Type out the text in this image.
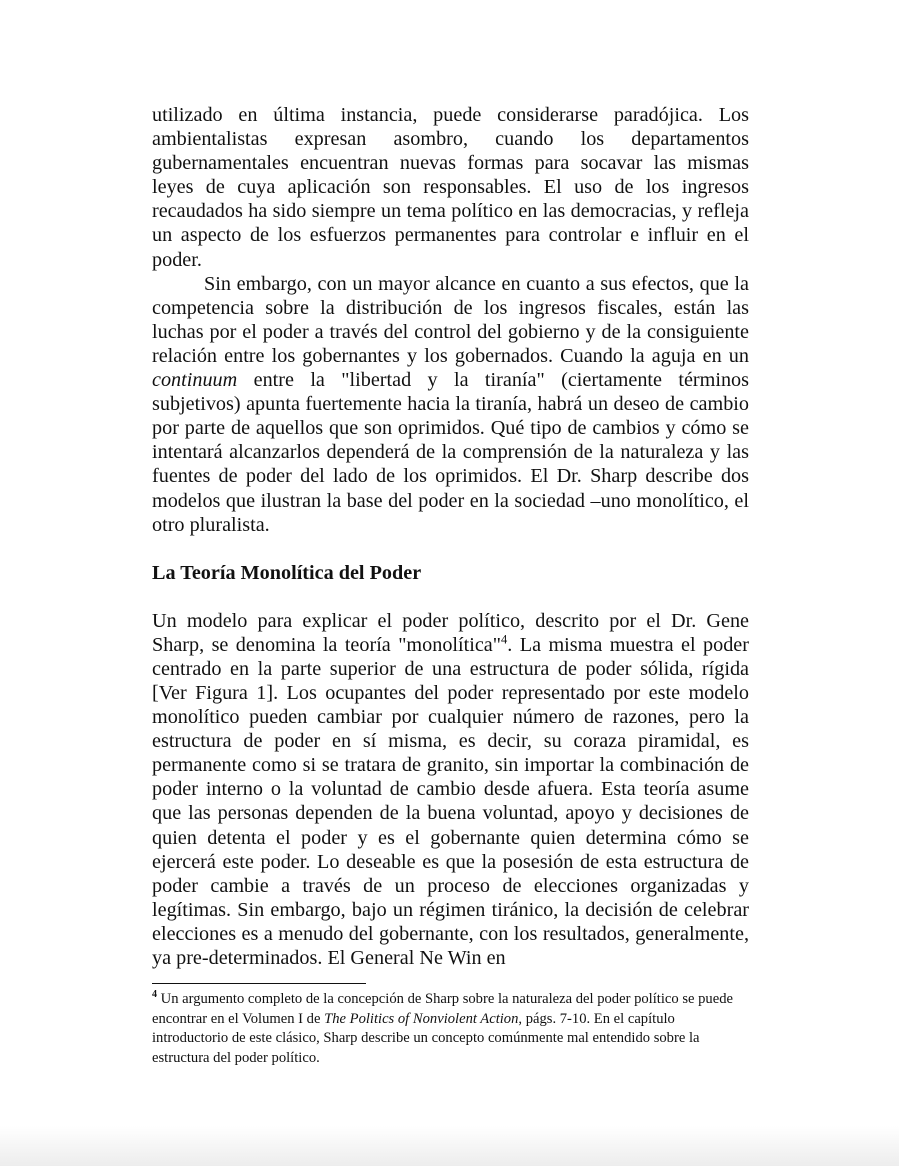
utilizado en última instancia, puede considerarse paradójica. Los ambientalistas expresan asombro, cuando los departamentos gubernamentales encuentran nuevas formas para socavar las mismas leyes de cuya aplicación son responsables. El uso de los ingresos recaudados ha sido siempre un tema político en las democracias, y refleja un aspecto de los esfuerzos permanentes para controlar e influir en el poder.

Sin embargo, con un mayor alcance en cuanto a sus efectos, que la competencia sobre la distribución de los ingresos fiscales, están las luchas por el poder a través del control del gobierno y de la consiguiente relación entre los gobernantes y los gobernados. Cuando la aguja en un continuum entre la "libertad y la tiranía" (ciertamente términos subjetivos) apunta fuertemente hacia la tiranía, habrá un deseo de cambio por parte de aquellos que son oprimidos. Qué tipo de cambios y cómo se intentará alcanzarlos dependerá de la comprensión de la naturaleza y las fuentes de poder del lado de los oprimidos. El Dr. Sharp describe dos modelos que ilustran la base del poder en la sociedad –uno monolítico, el otro pluralista.

La Teoría Monolítica del Poder

Un modelo para explicar el poder político, descrito por el Dr. Gene Sharp, se denomina la teoría "monolítica"$^4$. La misma muestra el poder centrado en la parte superior de una estructura de poder sólida, rígida [Ver Figura 1]. Los ocupantes del poder representado por este modelo monolítico pueden cambiar por cualquier número de razones, pero la estructura de poder en sí misma, es decir, su coraza piramidal, es permanente como si se tratara de granito, sin importar la combinación de poder interno o la voluntad de cambio desde afuera. Esta teoría asume que las personas dependen de la buena voluntad, apoyo y decisiones de quien detenta el poder y es el gobernante quien determina cómo se ejercerá este poder. Lo deseable es que la posesión de esta estructura de poder cambie a través de un proceso de elecciones organizadas y legítimas. Sin embargo, bajo un régimen tiránico, la decisión de celebrar elecciones es a menudo del gobernante, con los resultados, generalmente, ya pre-determinados. El General Ne Win en

$^4$ Un argumento completo de la concepción de Sharp sobre la naturaleza del poder político se puede encontrar en el Volumen I de The Politics of Nonviolent Action, págs. 7-10. En el capítulo introductorio de este clásico, Sharp describe un concepto comúnmente mal entendido sobre la estructura del poder político.
